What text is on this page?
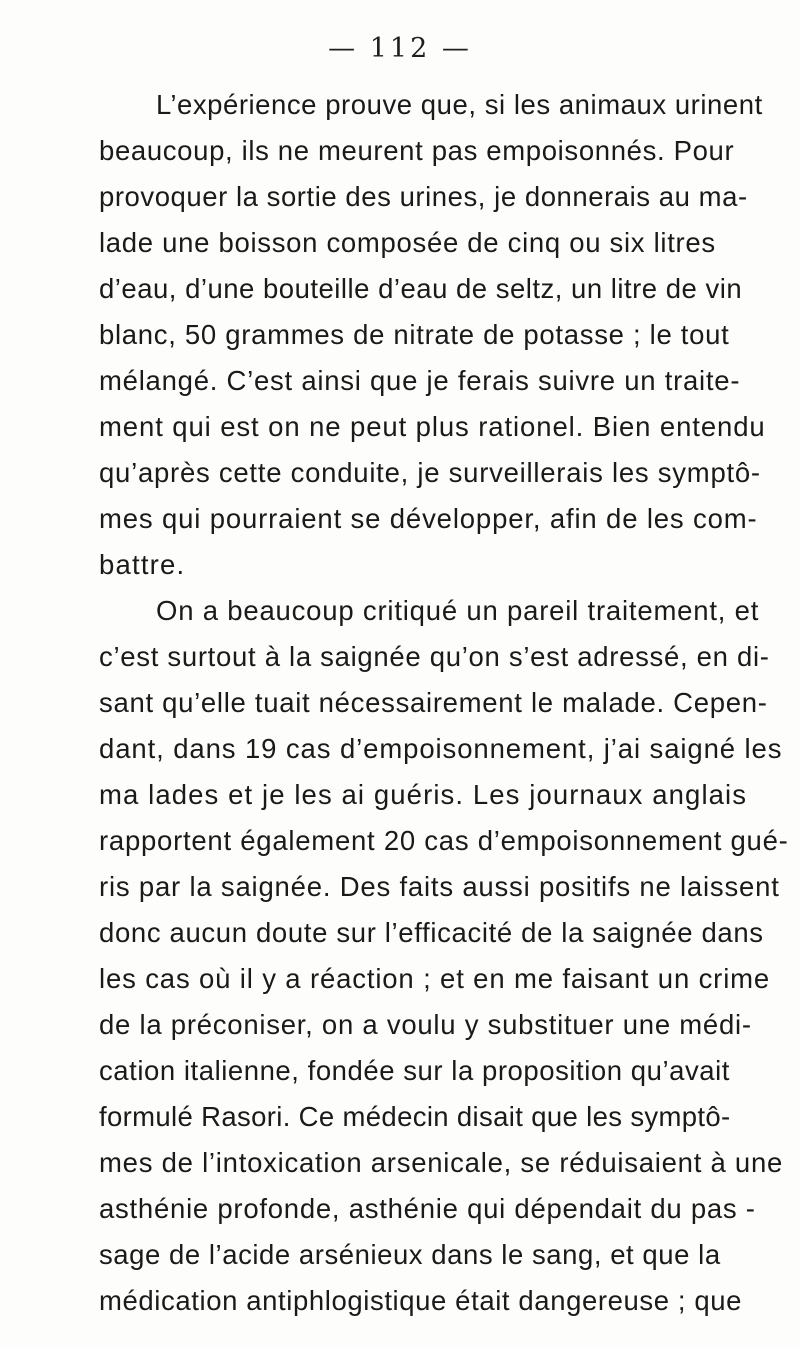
— 112 —
L’expérience prouve que, si les animaux urinent
beaucoup, ils ne meurent pas empoisonnés. Pour
provoquer la sortie des urines, je donnerais au ma-
lade une boisson composée de cinq ou six litres
d’eau, d’une bouteille d’eau de seltz, un litre de vin
blanc, 50 grammes de nitrate de potasse ; le tout
mélangé. C’est ainsi que je ferais suivre un traite-
ment qui est on ne peut plus rationel. Bien entendu
qu’après cette conduite, je surveillerais les symptô-
mes qui pourraient se développer, afin de les com-
battre.
On a beaucoup critiqué un pareil traitement, et
c’est surtout à la saignée qu’on s’est adressé, en di-
sant qu’elle tuait nécessairement le malade. Cepen-
dant, dans 19 cas d’empoisonnement, j’ai saigné les
ma lades et je les ai guéris. Les journaux anglais
rapportent également 20 cas d’empoisonnement gué-
ris par la saignée. Des faits aussi positifs ne laissent
donc aucun doute sur l’efficacité de la saignée dans
les cas où il y a réaction ; et en me faisant un crime
de la préconiser, on a voulu y substituer une médi-
cation italienne, fondée sur la proposition qu’avait
formulé Rasori. Ce médecin disait que les symptô-
mes de l’intoxication arsenicale, se réduisaient à une
asthénie profonde, asthénie qui dépendait du pas -
sage de l’acide arsénieux dans le sang, et que la
médication antiphlogistique était dangereuse ; que
